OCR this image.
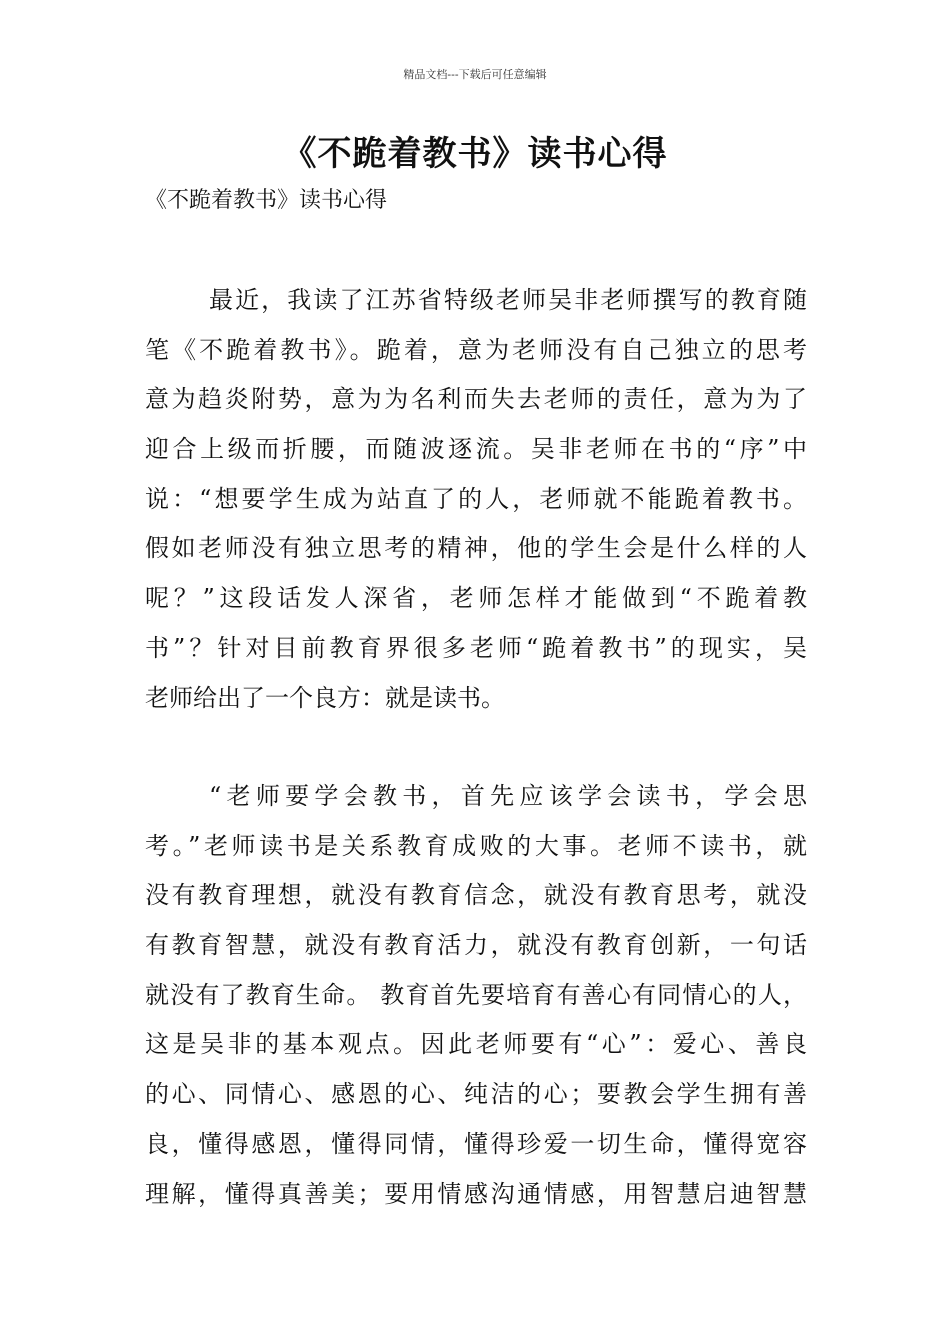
精品文档---下载后可任意编辑
《不跪着教书》读书心得
《不跪着教书》读书心得
最近，我读了江苏省特级老师吴非老师撰写的教育随
笔《不跪着教书》。跪着，意为老师没有自己独立的思考
意为趋炎附势，意为为名利而失去老师的责任，意为为了
迎合上级而折腰，而随波逐流。吴非老师在书的“序”中
说：“想要学生成为站直了的人，老师就不能跪着教书。
假如老师没有独立思考的精神，他的学生会是什么样的人
呢？”这段话发人深省，老师怎样才能做到“不跪着教
书”？针对目前教育界很多老师“跪着教书”的现实，吴
老师给出了一个良方：就是读书。
“老师要学会教书，首先应该学会读书，学会思
考。”老师读书是关系教育成败的大事。老师不读书，就
没有教育理想，就没有教育信念，就没有教育思考，就没
有教育智慧，就没有教育活力，就没有教育创新，一句话
就没有了教育生命。 教育首先要培育有善心有同情心的人，
这是吴非的基本观点。因此老师要有“心”：爱心、善良
的心、同情心、感恩的心、纯洁的心；要教会学生拥有善
良，懂得感恩，懂得同情，懂得珍爱一切生命，懂得宽容
理解，懂得真善美；要用情感沟通情感，用智慧启迪智慧
